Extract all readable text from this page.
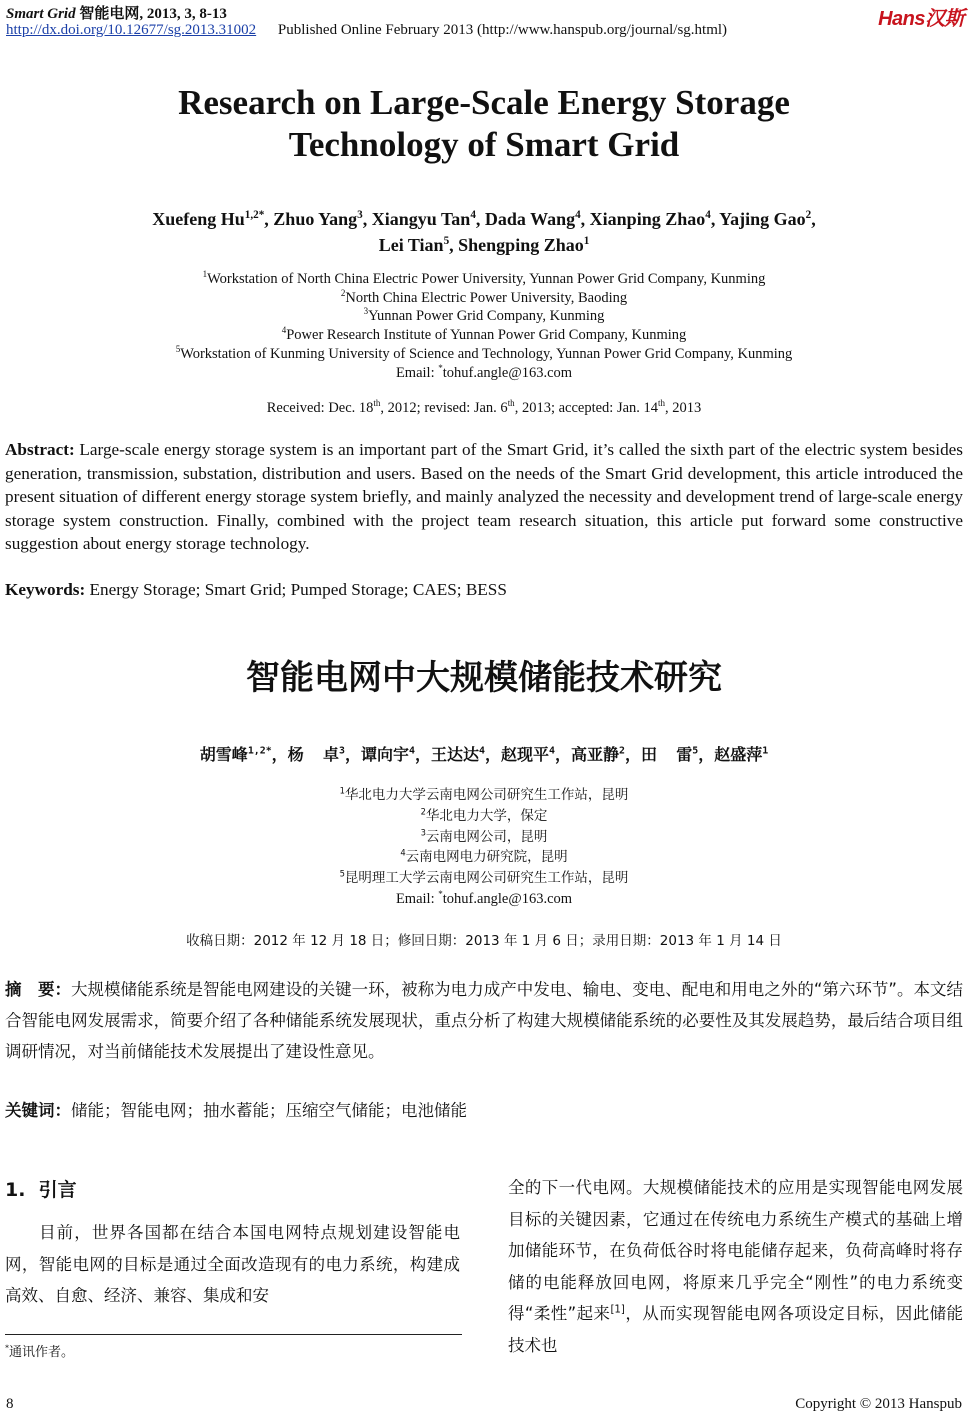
Smart Grid 智能电网, 2013, 3, 8-13
http://dx.doi.org/10.12677/sg.2013.31002 Published Online February 2013 (http://www.hanspub.org/journal/sg.html)	Hans汉斯
Research on Large-Scale Energy Storage
Technology of Smart Grid
Xuefeng $Hu^{1,2*}$, Zhuo Yang$^3$, Xiangyu Tan$^4$, Dada Wang$^4$, Xianping Zhao$^4$, Yajing Gao$^2$,
Lei Tian$^5$, Shengping Zhao$^1$
$^1$Workstation of North China Electric Power University, Yunnan Power Grid Company, Kunming
$^2$North China Electric Power University, Baoding
$^3$Yunnan Power Grid Company, Kunming
$^4$Power Research Institute of Yunnan Power Grid Company, Kunming
$^5$Workstation of Kunming University of Science and Technology, Yunnan Power Grid Company, Kunming
Email: *tohuf.angle@163.com
Received: Dec. 18th, 2012; revised: Jan. 6th, 2013; accepted: Jan. 14th, 2013
Abstract: Large-scale energy storage system is an important part of the Smart Grid, it’s called the sixth part of the electric system besides generation, transmission, substation, distribution and users. Based on the needs of the Smart Grid development, this article introduced the present situation of different energy storage system briefly, and mainly analyzed the necessity and development trend of large-scale energy storage system construction. Finally, combined with the project team research situation, this article put forward some constructive suggestion about energy storage technology.
Keywords: Energy Storage; Smart Grid; Pumped Storage; CAES; BESS
智能电网中大规模储能技术研究
胡雪峰$^{1,2*}$，杨  卓$^3$，谭向宇$^4$，王达达$^4$，赵现平$^4$，高亚静$^2$，田  雷$^5$，赵盛萍$^1$
$^1$华北电力大学云南电网公司研究生工作站，昆明
$^2$华北电力大学，保定
$^3$云南电网公司，昆明
$^4$云南电网电力研究院，昆明
$^5$昆明理工大学云南电网公司研究生工作站，昆明
Email: *tohuf.angle@163.com
收稿日期：2012 年 12 月 18 日；修回日期：2013 年 1 月 6 日；录用日期：2013 年 1 月 14 日
摘　要：大规模储能系统是智能电网建设的关键一环，被称为电力成产中发电、输电、变电、配电和用电之外的“第六环节”。本文结合智能电网发展需求，简要介绍了各种储能系统发展现状，重点分析了构建大规模储能系统的必要性及其发展趋势，最后结合项目组调研情况，对当前储能技术发展提出了建设性意见。
关键词：储能；智能电网；抽水蓄能；压缩空气储能；电池储能
1.  引言
目前，世界各国都在结合本国电网特点规划建设智能电网，智能电网的目标是通过全面改造现有的电力系统，构建成高效、自愈、经济、兼容、集成和安
全的下一代电网。大规模储能技术的应用是实现智能电网发展目标的关键因素，它通过在传统电力系统生产模式的基础上增加储能环节，在负荷低谷时将电能储存起来，负荷高峰时将存储的电能释放回电网，将原来几乎完全“刚性”的电力系统变得“柔性”起来[1]，从而实现智能电网各项设定目标，因此储能技术也
*通讯作者。
8	Copyright © 2013 Hanspub
